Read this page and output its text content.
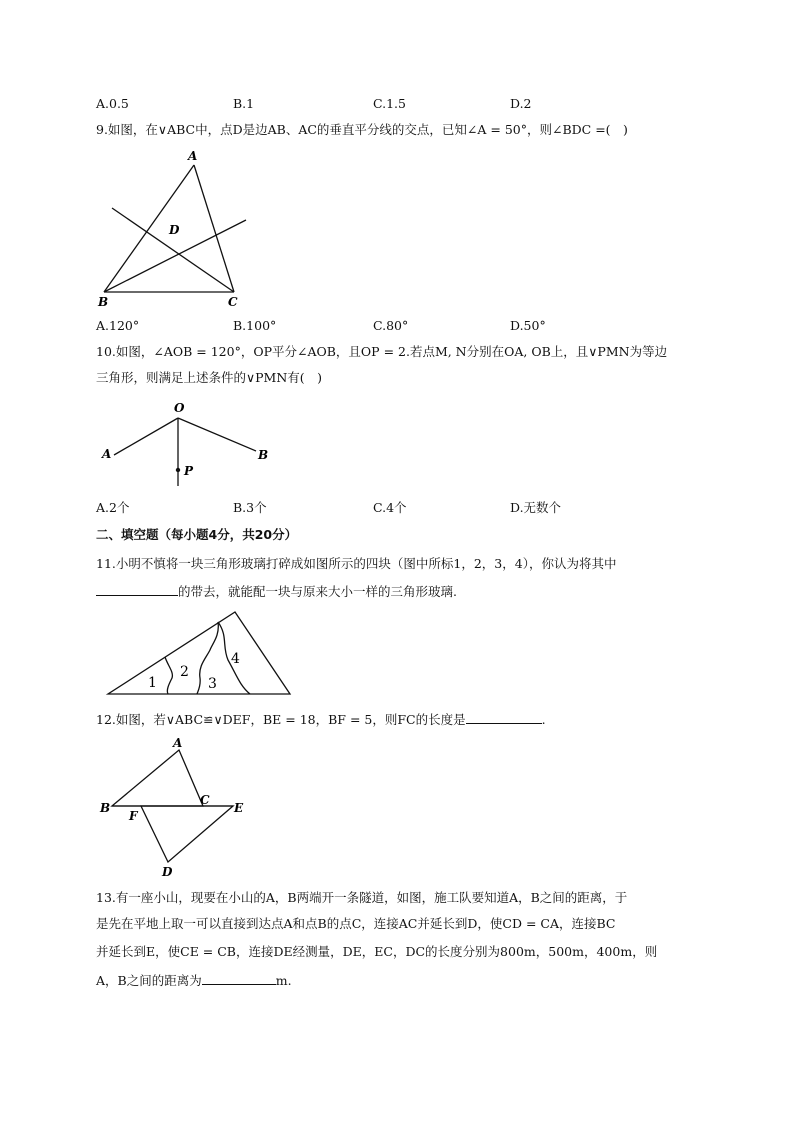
A.0.5	B.1	C.1.5	D.2
9.如图，在∨ABC中，点D是边AB、AC的垂直平分线的交点，已知∠A = 50°，则∠BDC =(　)
A
D
B	C
A.120°	B.100°	C.80°	D.50°
10.如图，∠AOB = 120°，OP平分∠AOB，且OP = 2.若点M, N分别在OA, OB上，且∨PMN为等边
三角形，则满足上述条件的∨PMN有(　)
O
A	B
P
A.2个	B.3个	C.4个	D.无数个
二、填空题（每小题4分，共20分）
11.小明不慎将一块三角形玻璃打碎成如图所示的四块（图中所标1，2，3，4），你认为将其中
的带去，就能配一块与原来大小一样的三角形玻璃.
1
2
3
4
12.如图，若∨ABC≌∨DEF，BE = 18，BF = 5，则FC的长度是	.
A
B
C
F
E
D
13.有一座小山，现要在小山的A，B两端开一条隧道，如图，施工队要知道A，B之间的距离，于
是先在平地上取一可以直接到达点A和点B的点C，连接AC并延长到D，使CD = CA，连接BC
并延长到E，使CE = CB，连接DE经测量，DE，EC，DC的长度分别为800m，500m，400m，则
A，B之间的距离为	m.
